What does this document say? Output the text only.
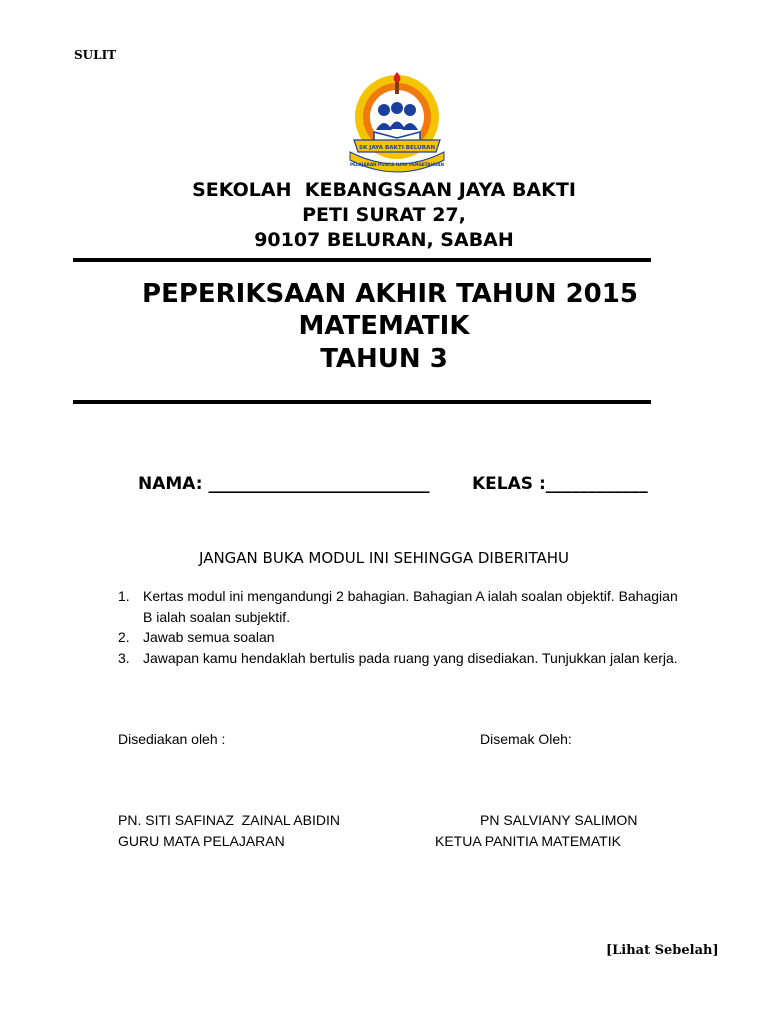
SULIT
SK JAYA BAKTI BELURAN
PELAJARAN PUNCA ILMU PENGETAHUAN
SEKOLAH  KEBANGSAAN JAYA BAKTI
PETI SURAT 27,
90107 BELURAN, SABAH
PEPERIKSAAN AKHIR TAHUN 2015
MATEMATIK
TAHUN 3
NAMA: __________________________	KELAS :____________
JANGAN BUKA MODUL INI SEHINGGA DIBERITAHU
1. Kertas modul ini mengandungi 2 bahagian. Bahagian A ialah soalan objektif. Bahagian B ialah soalan subjektif.
2. Jawab semua soalan
3. Jawapan kamu hendaklah bertulis pada ruang yang disediakan. Tunjukkan jalan kerja.
Disediakan oleh :	Disemak Oleh:
PN. SITI SAFINAZ  ZAINAL ABIDIN
GURU MATA PELAJARAN
PN SALVIANY SALIMON
KETUA PANITIA MATEMATIK
[Lihat Sebelah]
